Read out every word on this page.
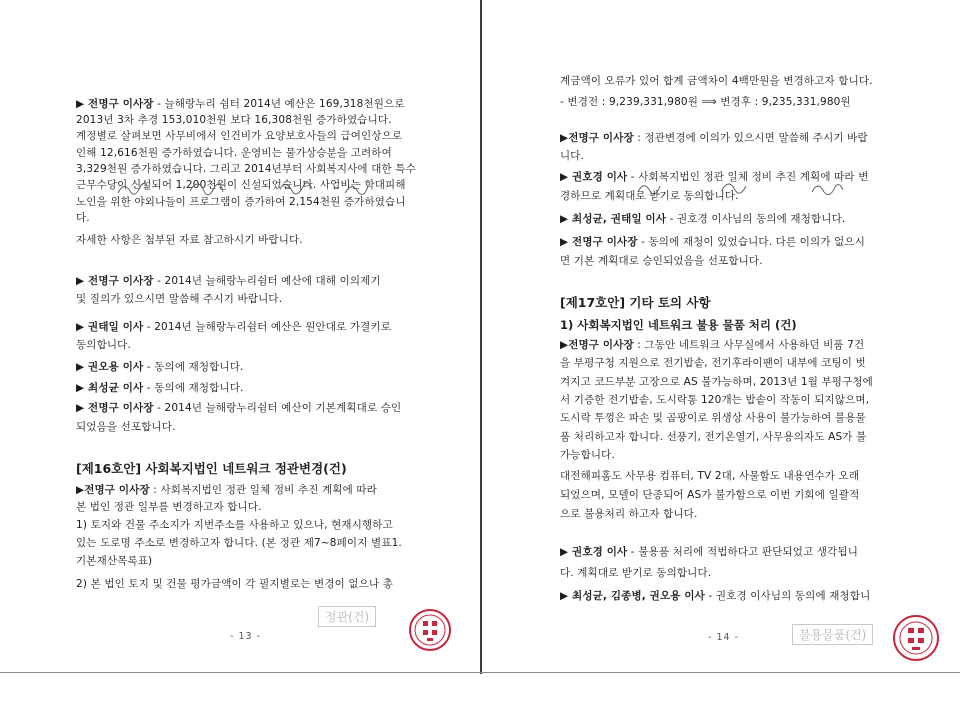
▶ 전명구 이사장 - 늘해랑누리 쉼터 2014년 예산은 169,318천원으로
2013년 3차 추경 153,010천원 보다 16,308천원 증가하였습니다.
계정별로 살펴보면 사무비에서 인건비가 요양보호사들의 급여인상으로
인해 12,616천원 증가하였습니다. 운영비는 물가상승분을 고려하여
3,329천원 증가하였습니다. 그리고 2014년부터 사회복지사에 대한 특수
근무수당이 신설되어 1,200천원이 신설되었습니다. 사업비는 학대피해
노인을 위한 야외나들이 프로그램이 증가하여 2,154천원 증가하였습니
다.
자세한 사항은 첨부된 자료 참고하시기 바랍니다.
▶ 전명구 이사장 - 2014년 늘해랑누리쉼터 예산에 대해 이의제기
및 질의가 있으시면 말씀해 주시기 바랍니다.
▶ 권태일 이사 - 2014년 늘해랑누리쉼터 예산은 원안대로 가결키로
동의합니다.
▶ 권오용 이사 - 동의에 재청합니다.
▶ 최성균 이사 - 동의에 재청합니다.
▶ 전명구 이사장 - 2014년 늘해랑누리쉼터 예산이 기본계획대로 승인
되었음을 선포합니다.
[제16호안] 사회복지법인 네트워크 정관변경(건)
▶전명구 이사장 : 사회복지법인 정관 일체 정비 추진 계획에 따라
본 법인 정관 일부를 변경하고자 합니다.
1) 토지와 건물 주소지가 지번주소를 사용하고 있으나, 현재시행하고
있는 도로명 주소로 변경하고자 합니다. (본 정관 제7~8페이지 별표1.
기본재산목록표)
2) 본 법인 토지 및 건물 평가금액이 각 필지별로는 변경이 없으나 총
정관(건)
- 13 -
계금액이 오류가 있어 합계 금액차이 4백만원을 변경하고자 합니다.
- 변경전 : 9,239,331,980원 ⟹ 변경후 : 9,235,331,980원
▶전명구 이사장 : 정관변경에 이의가 있으시면 말씀해 주시기 바랍
니다.
▶ 권호경 이사 - 사회복지법인 정관 일체 정비 추진 계획에 따라 변
경하므로 계획대로 받기로 동의합니다.
▶ 최성균, 권태일 이사 - 권호경 이사님의 동의에 재청합니다.
▶ 전명구 이사장 - 동의에 재청이 있었습니다. 다른 이의가 없으시
면 기본 계획대로 승인되었음을 선포합니다.
[제17호안] 기타 토의 사항
1) 사회복지법인 네트워크 불용 물품 처리 (건)
▶전명구 이사장 : 그동안 네트워크 사무실에서 사용하던 비품 7건
을 부평구청 지원으로 전기밥솥, 전기후라이팬이 내부에 코팅이 벗
겨지고 코드부분 고장으로 AS 불가능하며, 2013년 1월 부평구청에
서 기증한 전기밥솥, 도시락통 120개는 밥솥이 작동이 되지않으며,
도시락 투껑은 파손 및 곰팡이로 위생상 사용이 불가능하여 불용물
품 처리하고자 합니다. 선풍기, 전기온열기, 사무용의자도 AS가 불
가능합니다.
대전해피홈도 사무용 컴퓨터, TV 2대, 사물함도 내용연수가 오래
되었으며, 모델이 단종되어 AS가 불가함으로 이번 기회에 일괄적
으로 불용처리 하고자 합니다.
▶ 권호경 이사 - 불용품 처리에 적법하다고 판단되었고 생각됩니
다. 계획대로 받기로 동의합니다.
▶ 최성균, 김종병, 권오용 이사 - 권호경 이사님의 동의에 재청합니
불용물품(건)
- 14 -
